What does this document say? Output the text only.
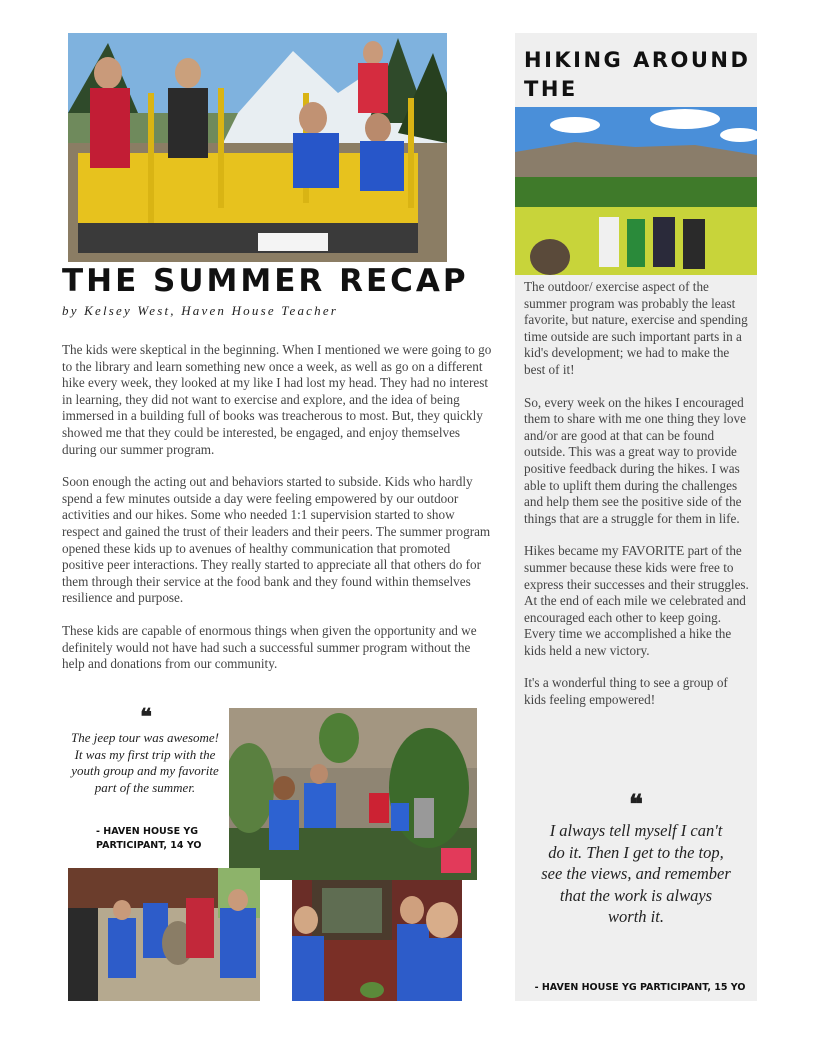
THE SUMMER RECAP
by Kelsey West, Haven House Teacher

The kids were skeptical in the beginning. When I mentioned we were going to go to the library and learn something new once a week, as well as go on a different hike every week, they looked at my like I had lost my head. They had no interest in learning, they did not want to exercise and explore, and the idea of being immersed in a building full of books was treacherous to most. But, they quickly showed me that they could be interested, be engaged, and enjoy themselves during our summer program.

Soon enough the acting out and behaviors started to subside. Kids who hardly spend a few minutes outside a day were feeling empowered by our outdoor activities and our hikes. Some who needed 1:1 supervision started to show respect and gained the trust of their leaders and their peers. The summer program opened these kids up to avenues of healthy communication that promoted positive peer interactions. They really started to appreciate all that others do for them through their service at the food bank and they found within themselves resilience and purpose.

These kids are capable of enormous things when given the opportunity and we definitely would not have had such a successful summer program without the help and donations from our community.

❝
The jeep tour was awesome! It was my first trip with the youth group and my favorite part of the summer.
- HAVEN HOUSE YG
PARTICIPANT, 14 YO
HIKING AROUND THE

The outdoor/ exercise aspect of the summer program was probably the least favorite, but nature, exercise and spending time outside are such important parts in a kid's development; we had to make the best of it!

So, every week on the hikes I encouraged them to share with me one thing they love and/or are good at that can be found outside. This was a great way to provide positive feedback during the hikes. I was able to uplift them during the challenges and help them see the positive side of the things that are a struggle for them in life.

Hikes became my FAVORITE part of the summer because these kids were free to express their successes and their struggles. At the end of each mile we celebrated and encouraged each other to keep going. Every time we accomplished a hike the kids held a new victory.

It's a wonderful thing to see a group of kids feeling empowered!

❝
I always tell myself I can't do it. Then I get to the top, see the views, and remember that the work is always worth it.
- HAVEN HOUSE YG PARTICIPANT, 15 YO
